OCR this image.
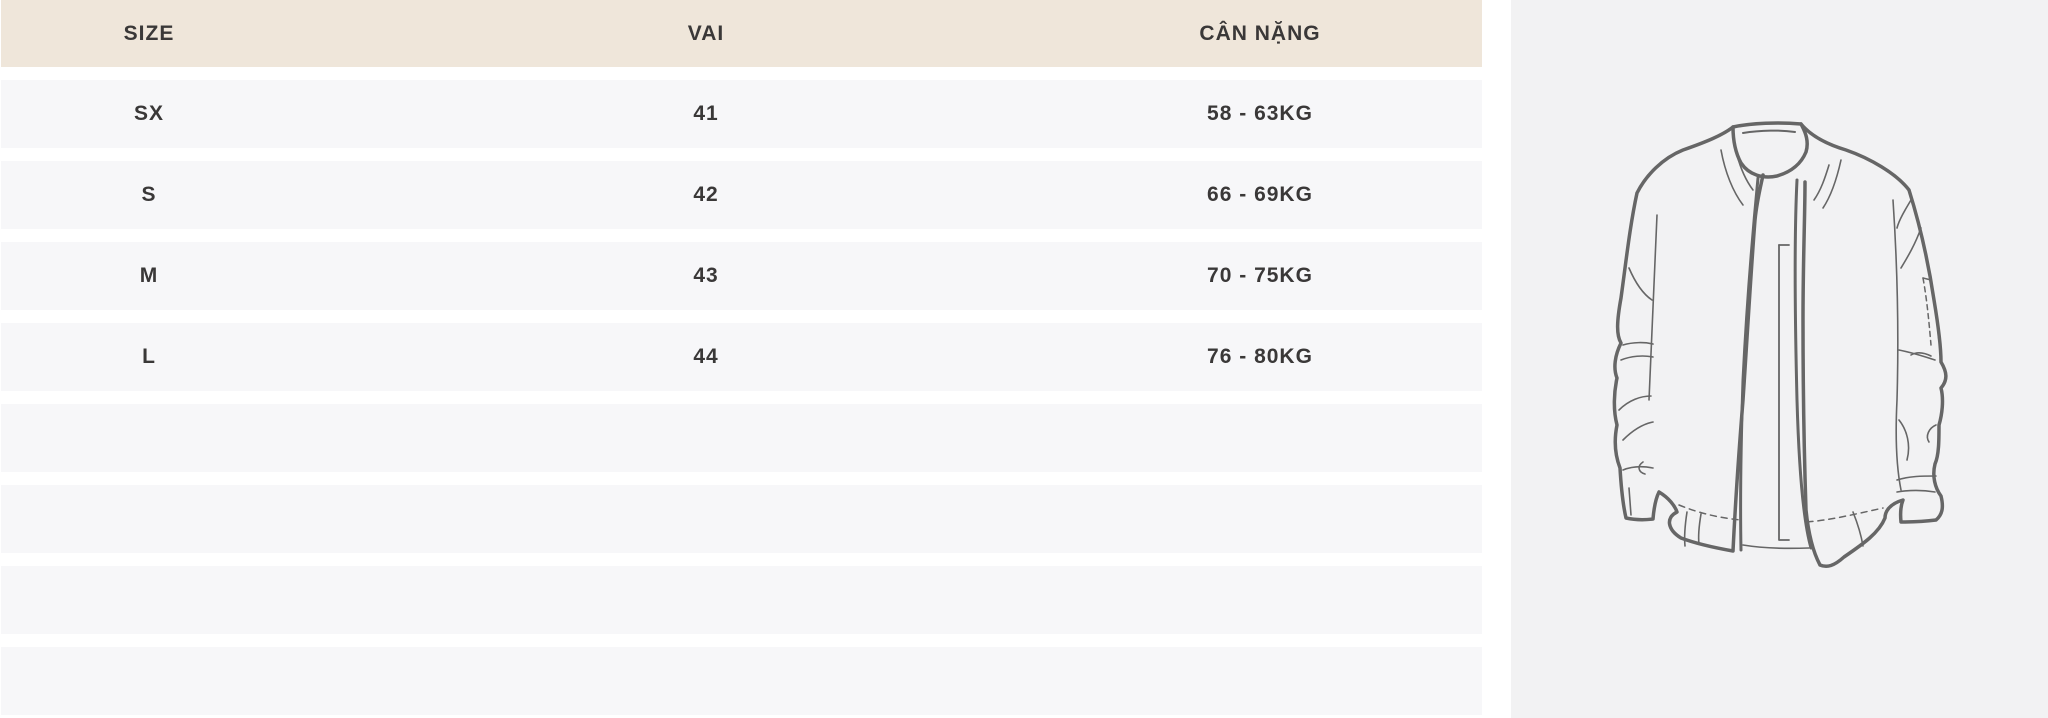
SIZE	VAI	CÂN NẶNG
SX	41	58 - 63KG
S	42	66 - 69KG
M	43	70 - 75KG
L	44	76 - 80KG
